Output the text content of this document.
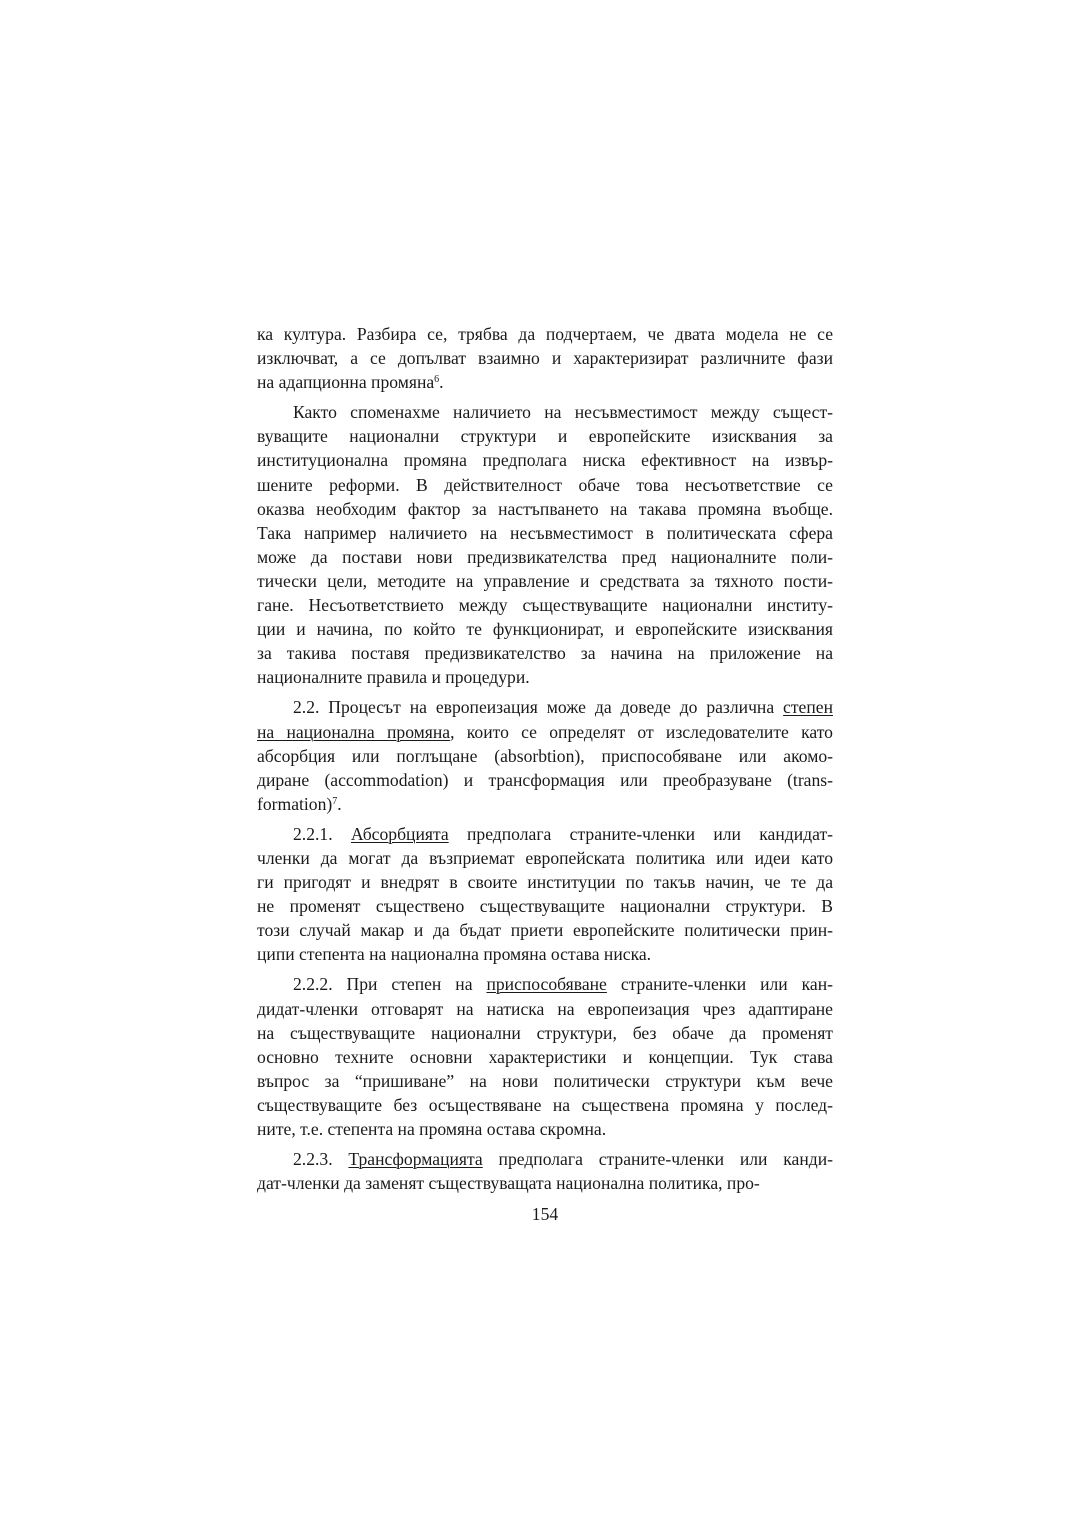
ка култура. Разбира се, трябва да подчертаем, че двата модела не се
изключват, а се допълват взаимно и характеризират различните фази
на адапционна промяна$^6$.
Както споменахме наличието на несъвместимост между същест-
вуващите национални структури и европейските изисквания за
институционална промяна предполага ниска ефективност на извър-
шените реформи. В действителност обаче това несъответствие се
оказва необходим фактор за настъпването на такава промяна въобще.
Така например наличието на несъвместимост в политическата сфера
може да постави нови предизвикателства пред националните поли-
тически цели, методите на управление и средствата за тяхното пости-
гане. Несъответствието между съществуващите национални институ-
ции и начина, по който те функционират, и европейските изисквания
за такива поставя предизвикателство за начина на приложение на
националните правила и процедури.
2.2. Процесът на европеизация може да доведе до различна степен
на национална промяна, които се определят от изследователите като
абсорбция или поглъщане (absorbtion), приспособяване или акомо-
диране (accommodation) и трансформация или преобразуване (trans-
formation)$^7$.
2.2.1. Абсорбцията предполага страните-членки или кандидат-
членки да могат да възприемат европейската политика или идеи като
ги пригодят и внедрят в своите институции по такъв начин, че те да
не променят съществено съществуващите национални структури. В
този случай макар и да бъдат приети европейските политически прин-
ципи степента на национална промяна остава ниска.
2.2.2. При степен на приспособяване страните-членки или кан-
дидат-членки отговарят на натиска на европеизация чрез адаптиране
на съществуващите национални структури, без обаче да променят
основно техните основни характеристики и концепции. Тук става
въпрос за “пришиване” на нови политически структури към вече
съществуващите без осъществяване на съществена промяна у послед-
ните, т.е. степента на промяна остава скромна.
2.2.3. Трансформацията предполага страните-членки или канди-
дат-членки да заменят съществуващата национална политика, про-
154
